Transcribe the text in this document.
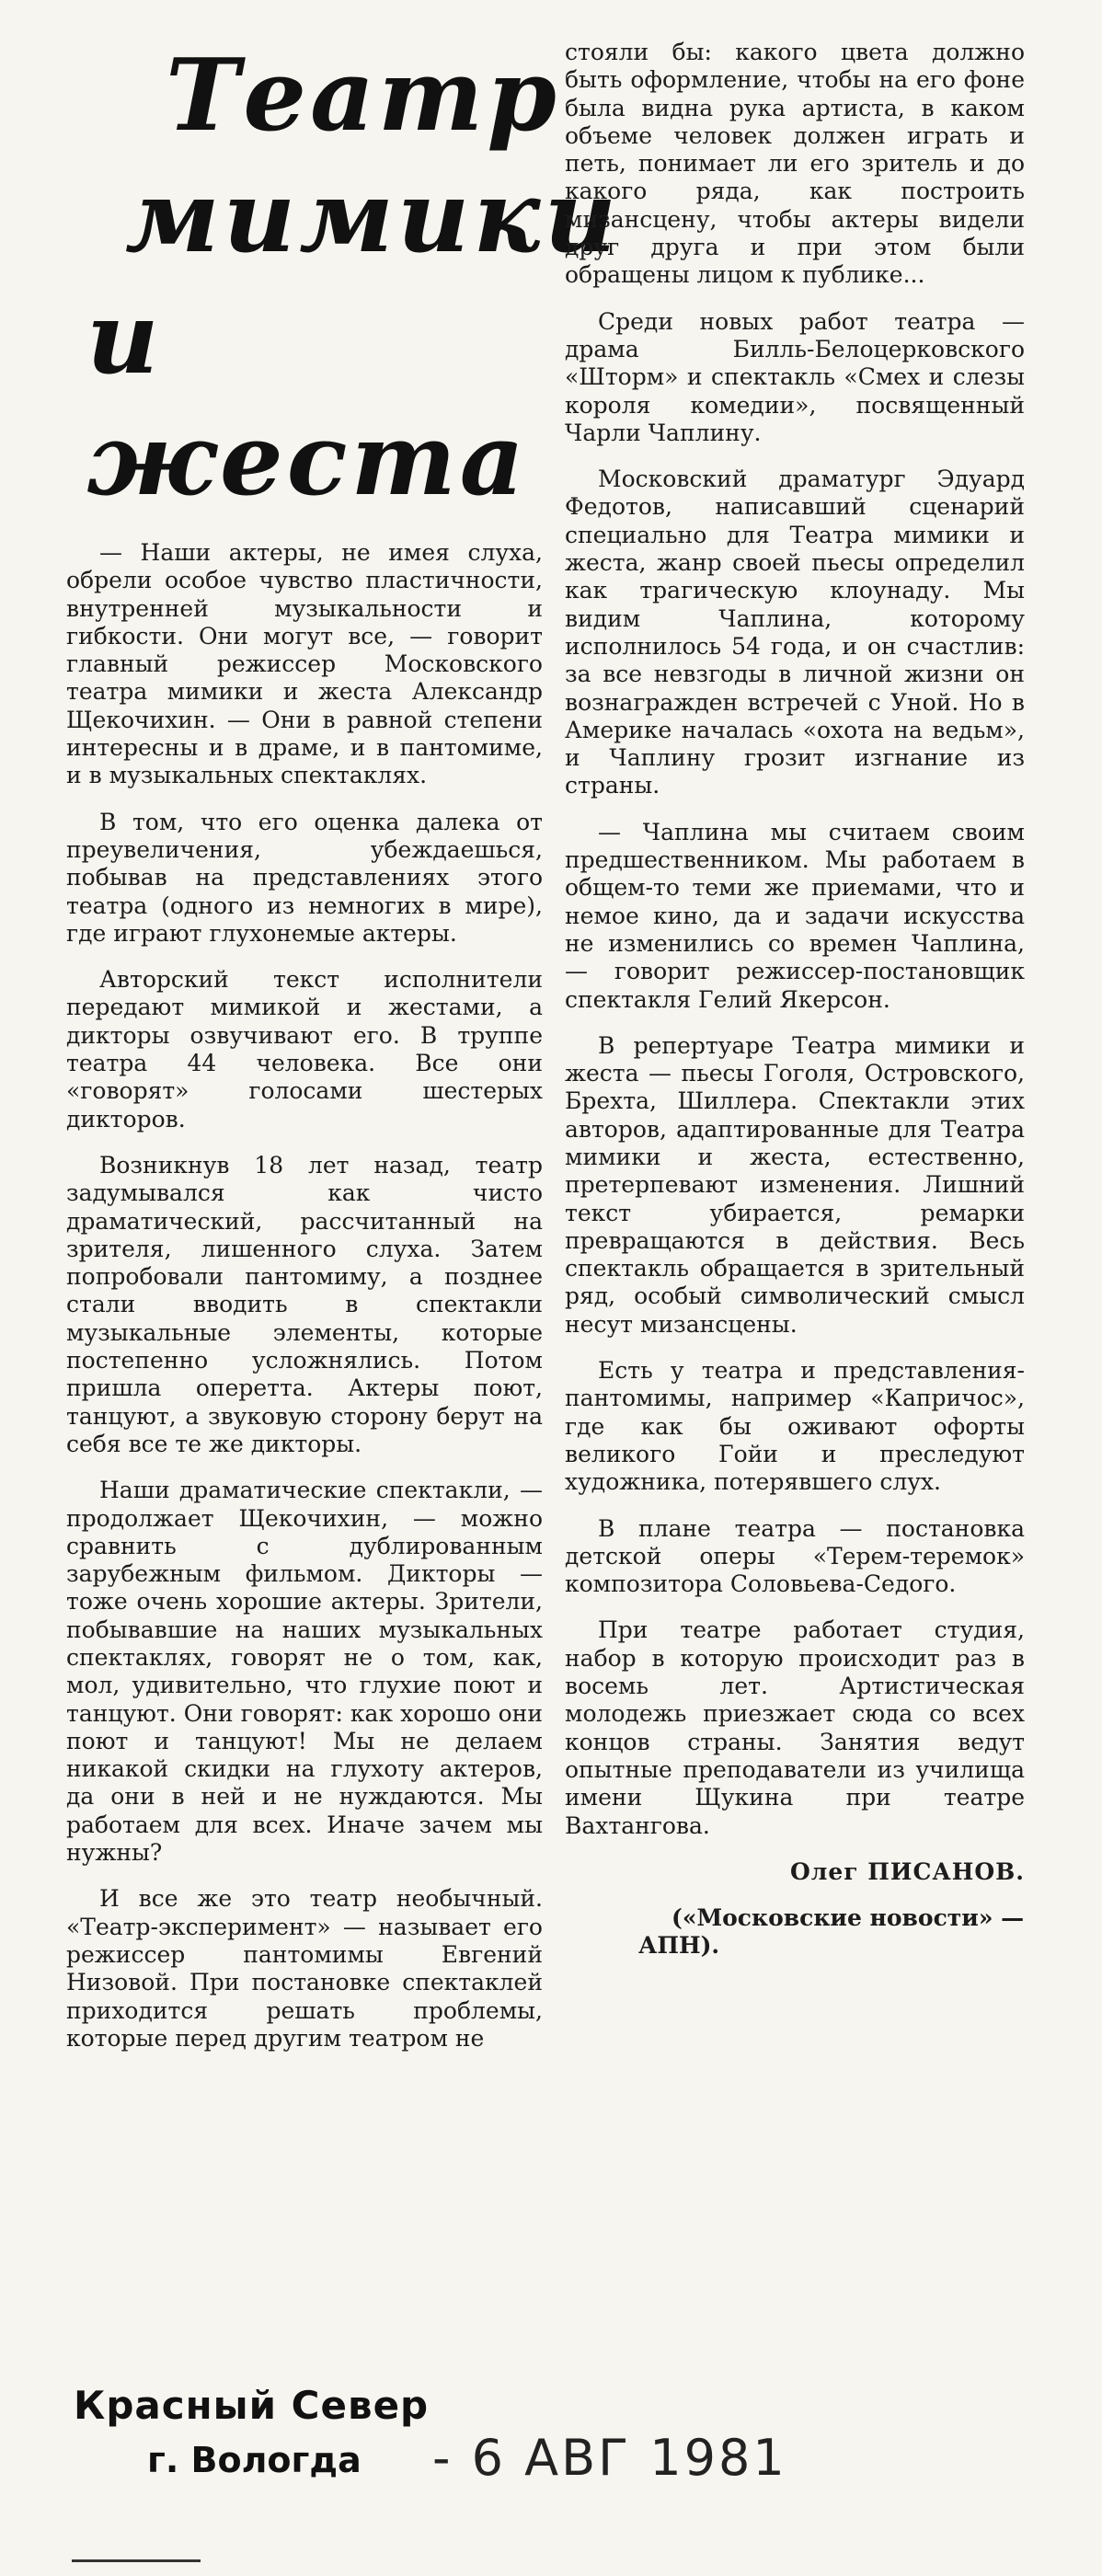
Театр
мимики
и жеста

— Наши актеры, не имея слуха, обрели особое чувство пластичности, внутренней музыкальности и гибкости. Они могут все, — говорит главный режиссер Московского театра мимики и жеста Александр Щекочихин. — Они в равной степени интересны и в драме, и в пантомиме, и в музыкальных спектаклях.

В том, что его оценка далека от преувеличения, убеждаешься, побывав на представлениях этого театра (одного из немногих в мире), где играют глухонемые актеры.

Авторский текст исполнители передают мимикой и жестами, а дикторы озвучивают его. В труппе театра 44 человека. Все они «говорят» голосами шестерых дикторов.

Возникнув 18 лет назад, театр задумывался как чисто драматический, рассчитанный на зрителя, лишенного слуха. Затем попробовали пантомиму, а позднее стали вводить в спектакли музыкальные элементы, которые постепенно усложнялись. Потом пришла оперетта. Актеры поют, танцуют, а звуковую сторону берут на себя все те же дикторы.

Наши драматические спектакли, — продолжает Щекочихин, — можно сравнить с дублированным зарубежным фильмом. Дикторы — тоже очень хорошие актеры. Зрители, побывавшие на наших музыкальных спектаклях, говорят не о том, как, мол, удивительно, что глухие поют и танцуют. Они говорят: как хорошо они поют и танцуют! Мы не делаем никакой скидки на глухоту актеров, да они в ней и не нуждаются. Мы работаем для всех. Иначе зачем мы нужны?

И все же это театр необычный. «Театр-эксперимент» — называет его режиссер пантомимы Евгений Низовой. При постановке спектаклей приходится решать проблемы, которые перед другим театром не

стояли бы: какого цвета должно быть оформление, чтобы на его фоне была видна рука артиста, в каком объеме человек должен играть и петь, понимает ли его зритель и до какого ряда, как построить мизансцену, чтобы актеры видели друг друга и при этом были обращены лицом к публике...

Среди новых работ театра — драма Билль-Белоцерковского «Шторм» и спектакль «Смех и слезы короля комедии», посвященный Чарли Чаплину.

Московский драматург Эдуард Федотов, написавший сценарий специально для Театра мимики и жеста, жанр своей пьесы определил как трагическую клоунаду. Мы видим Чаплина, которому исполнилось 54 года, и он счастлив: за все невзгоды в личной жизни он вознагражден встречей с Уной. Но в Америке началась «охота на ведьм», и Чаплину грозит изгнание из страны.

— Чаплина мы считаем своим предшественником. Мы работаем в общем-то теми же приемами, что и немое кино, да и задачи искусства не изменились со времен Чаплина, — говорит режиссер-постановщик спектакля Гелий Якерсон.

В репертуаре Театра мимики и жеста — пьесы Гоголя, Островского, Брехта, Шиллера. Спектакли этих авторов, адаптированные для Театра мимики и жеста, естественно, претерпевают изменения. Лишний текст убирается, ремарки превращаются в действия. Весь спектакль обращается в зрительный ряд, особый символический смысл несут мизансцены.

Есть у театра и представления-пантомимы, например «Капричос», где как бы оживают офорты великого Гойи и преследуют художника, потерявшего слух.

В плане театра — постановка детской оперы «Терем-теремок» композитора Соловьева-Седого.

При театре работает студия, набор в которую происходит раз в восемь лет. Артистическая молодежь приезжает сюда со всех концов страны. Занятия ведут опытные преподаватели из училища имени Щукина при театре Вахтангова.

Олег ПИСАНОВ.

(«Московские новости» — АПН).

Красный Север
г. Вологда - 6 АВГ 1981
